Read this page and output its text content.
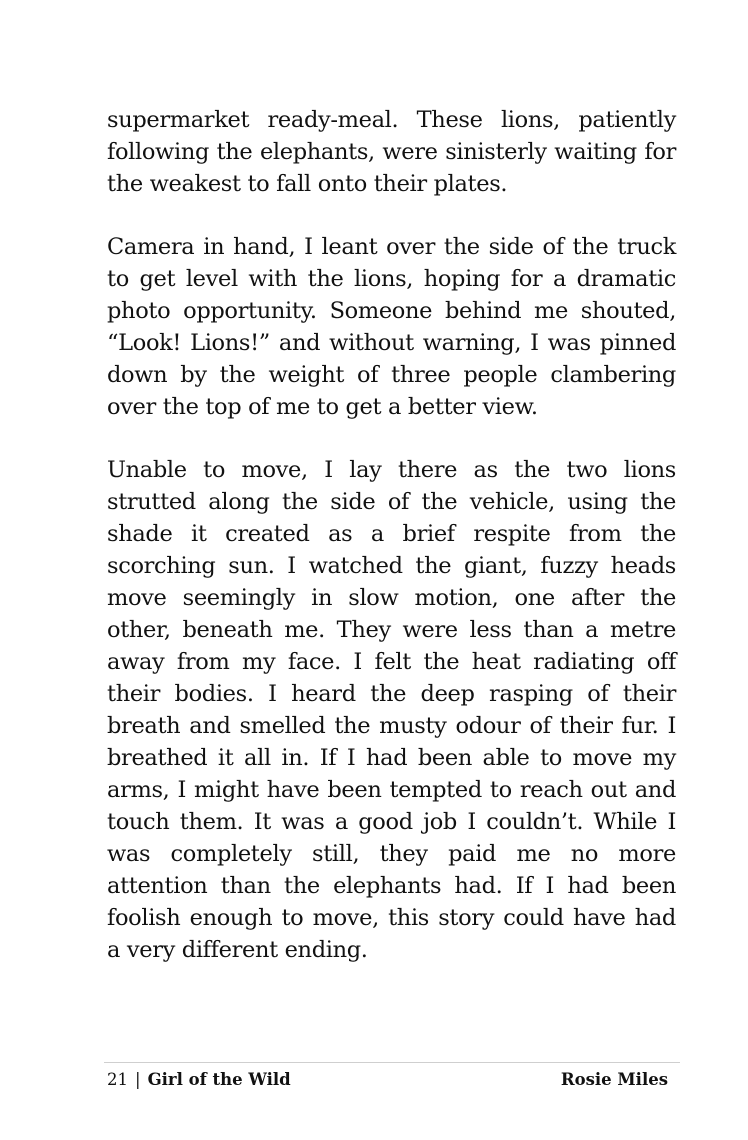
supermarket ready-meal. These lions, patiently following the elephants, were sinisterly waiting for the weakest to fall onto their plates.

Camera in hand, I leant over the side of the truck to get level with the lions, hoping for a dramatic photo opportunity. Someone behind me shouted, “Look! Lions!” and without warning, I was pinned down by the weight of three people clambering over the top of me to get a better view.

Unable to move, I lay there as the two lions strutted along the side of the vehicle, using the shade it created as a brief respite from the scorching sun. I watched the giant, fuzzy heads move seemingly in slow motion, one after the other, beneath me. They were less than a metre away from my face. I felt the heat radiating off their bodies. I heard the deep rasping of their breath and smelled the musty odour of their fur. I breathed it all in. If I had been able to move my arms, I might have been tempted to reach out and touch them. It was a good job I couldn’t. While I was completely still, they paid me no more attention than the elephants had. If I had been foolish enough to move, this story could have had a very different ending.

21 | Girl of the Wild	Rosie Miles
